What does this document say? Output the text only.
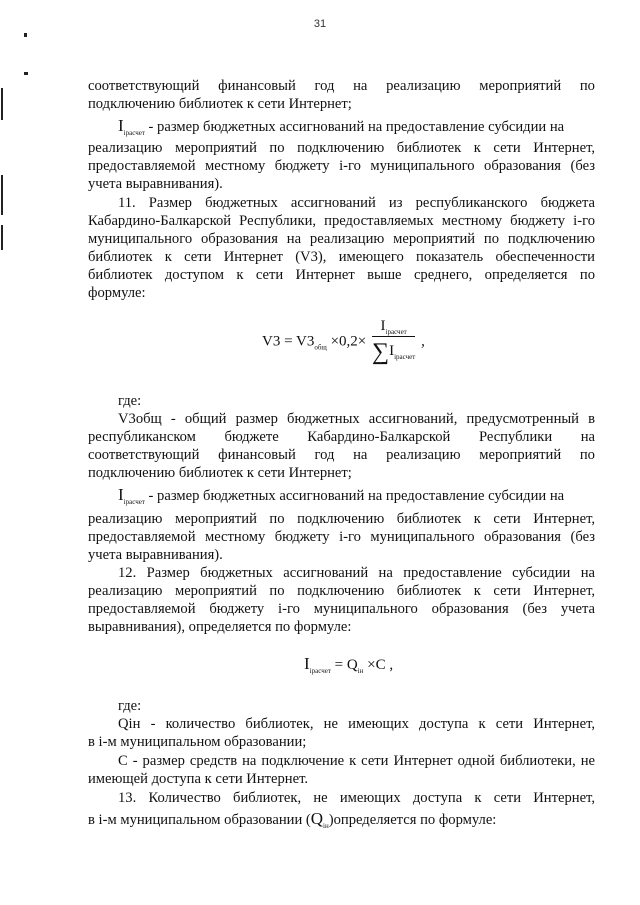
31
соответствующий финансовый год на реализацию мероприятий по
подключению библиотек к сети Интернет;
$I_{iрасчет}$ - размер бюджетных ассигнований на предоставление субсидии на
реализацию мероприятий по подключению библиотек к сети Интернет,
предоставляемой местному бюджету i-го муниципального образования (без
учета выравнивания).
11. Размер бюджетных ассигнований из республиканского бюджета
Кабардино-Балкарской Республики, предоставляемых местному бюджету i-го
муниципального образования на реализацию мероприятий по подключению
библиотек к сети Интернет (V3), имеющего показатель обеспеченности
библиотек доступом к сети Интернет выше среднего, определяется по
формуле:
$V3 = V3_{общ} \times 0,2\times \frac{I_{iрасчет}}{\sum I_{iрасчет}}$ ,
где:
V3общ - общий размер бюджетных ассигнований, предусмотренный в
республиканском бюджете Кабардино-Балкарской Республики на
соответствующий финансовый год на реализацию мероприятий по
подключению библиотек к сети Интернет;
$I_{iрасчет}$ - размер бюджетных ассигнований на предоставление субсидии на
реализацию мероприятий по подключению библиотек к сети Интернет,
предоставляемой местному бюджету i-го муниципального образования (без
учета выравнивания).
12. Размер бюджетных ассигнований на предоставление субсидии на
реализацию мероприятий по подключению библиотек к сети Интернет,
предоставляемой бюджету i-го муниципального образования (без учета
выравнивания), определяется по формуле:
$I_{iрасчет} = Q_{iн} \times C$ ,
где:
Qiн - количество библиотек, не имеющих доступа к сети Интернет,
в i-м муниципальном образовании;
C - размер средств на подключение к сети Интернет одной библиотеки, не
имеющей доступа к сети Интернет.
13. Количество библиотек, не имеющих доступа к сети Интернет,
в i-м муниципальном образовании $(Q_{iн})определяется$ по формуле:
